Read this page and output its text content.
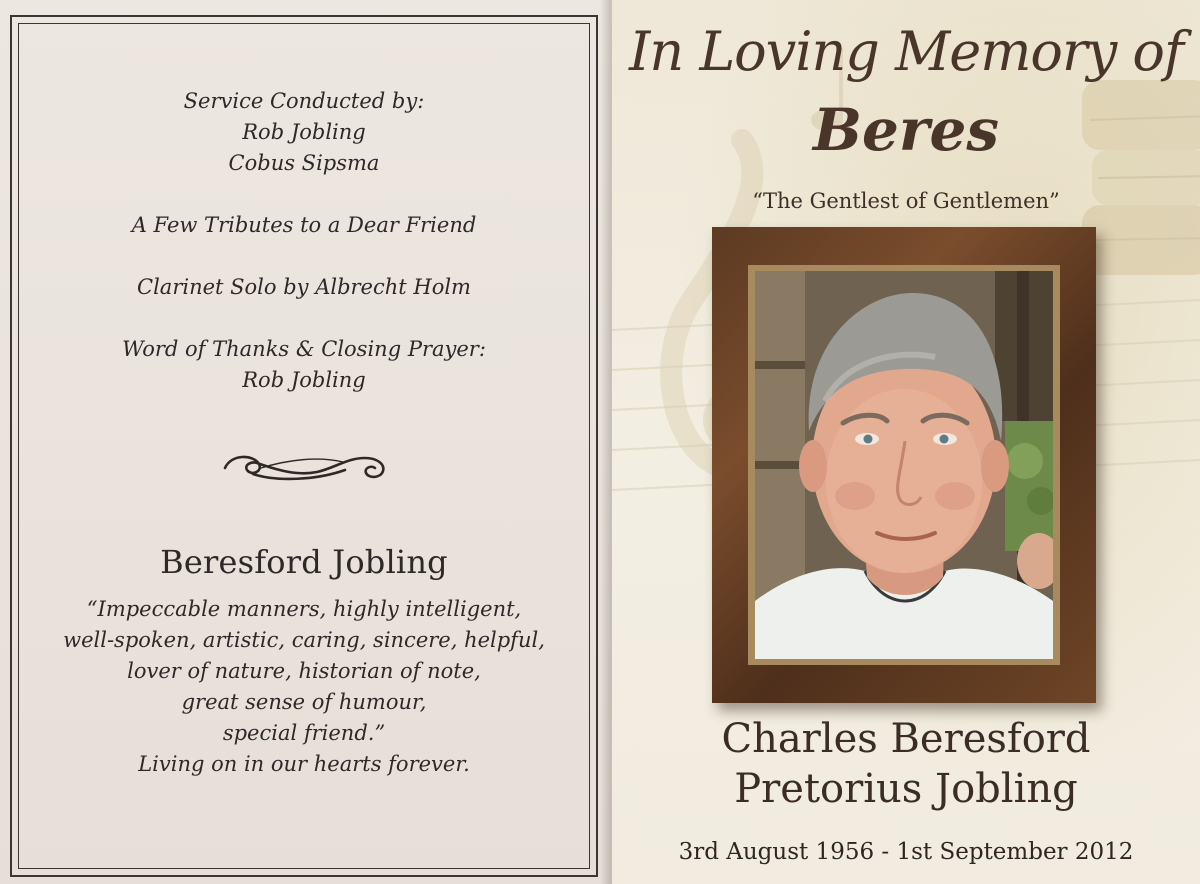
Service Conducted by:
Rob Jobling
Cobus Sipsma
A Few Tributes to a Dear Friend
Clarinet Solo by Albrecht Holm
Word of Thanks & Closing Prayer:
Rob Jobling
Beresford Jobling
“Impeccable manners, highly intelligent,
well-spoken, artistic, caring, sincere, helpful,
lover of nature, historian of note,
great sense of humour,
special friend.”
Living on in our hearts forever.
In Loving Memory of
Beres
“The Gentlest of Gentlemen”
Charles Beresford
Pretorius Jobling
3rd August 1956 - 1st September 2012
